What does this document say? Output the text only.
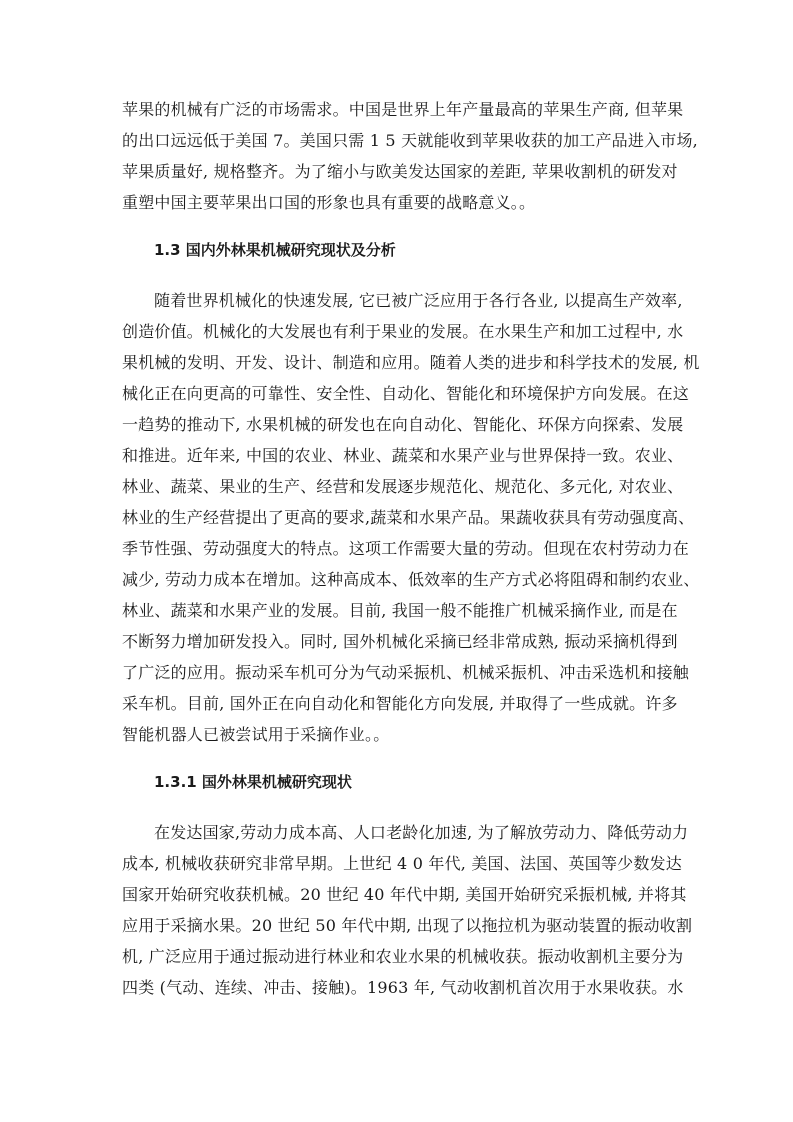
苹果的机械有广泛的市场需求。中国是世界上年产量最高的苹果生产商, 但苹果
的出口远远低于美国 7。美国只需 1 5 天就能收到苹果收获的加工产品进入市场,
苹果质量好, 规格整齐。为了缩小与欧美发达国家的差距, 苹果收割机的研发对
重塑中国主要苹果出口国的形象也具有重要的战略意义。。

1.3 国内外林果机械研究现状及分析

随着世界机械化的快速发展, 它已被广泛应用于各行各业, 以提高生产效率,
创造价值。机械化的大发展也有利于果业的发展。在水果生产和加工过程中, 水
果机械的发明、开发、设计、制造和应用。随着人类的进步和科学技术的发展, 机
械化正在向更高的可靠性、安全性、自动化、智能化和环境保护方向发展。在这
一趋势的推动下, 水果机械的研发也在向自动化、智能化、环保方向探索、发展
和推进。近年来, 中国的农业、林业、蔬菜和水果产业与世界保持一致。农业、
林业、蔬菜、果业的生产、经营和发展逐步规范化、规范化、多元化, 对农业、
林业的生产经营提出了更高的要求,蔬菜和水果产品。果蔬收获具有劳动强度高、
季节性强、劳动强度大的特点。这项工作需要大量的劳动。但现在农村劳动力在
减少, 劳动力成本在增加。这种高成本、低效率的生产方式必将阻碍和制约农业、
林业、蔬菜和水果产业的发展。目前, 我国一般不能推广机械采摘作业, 而是在
不断努力增加研发投入。同时, 国外机械化采摘已经非常成熟, 振动采摘机得到
了广泛的应用。振动采车机可分为气动采振机、机械采振机、冲击采选机和接触
采车机。目前, 国外正在向自动化和智能化方向发展, 并取得了一些成就。许多
智能机器人已被尝试用于采摘作业。。

1.3.1 国外林果机械研究现状

在发达国家,劳动力成本高、人口老龄化加速, 为了解放劳动力、降低劳动力
成本, 机械收获研究非常早期。上世纪 4 0 年代, 美国、法国、英国等少数发达
国家开始研究收获机械。20 世纪 40 年代中期, 美国开始研究采振机械, 并将其
应用于采摘水果。20 世纪 50 年代中期, 出现了以拖拉机为驱动装置的振动收割
机, 广泛应用于通过振动进行林业和农业水果的机械收获。振动收割机主要分为
四类 (气动、连续、冲击、接触)。1963 年, 气动收割机首次用于水果收获。水
